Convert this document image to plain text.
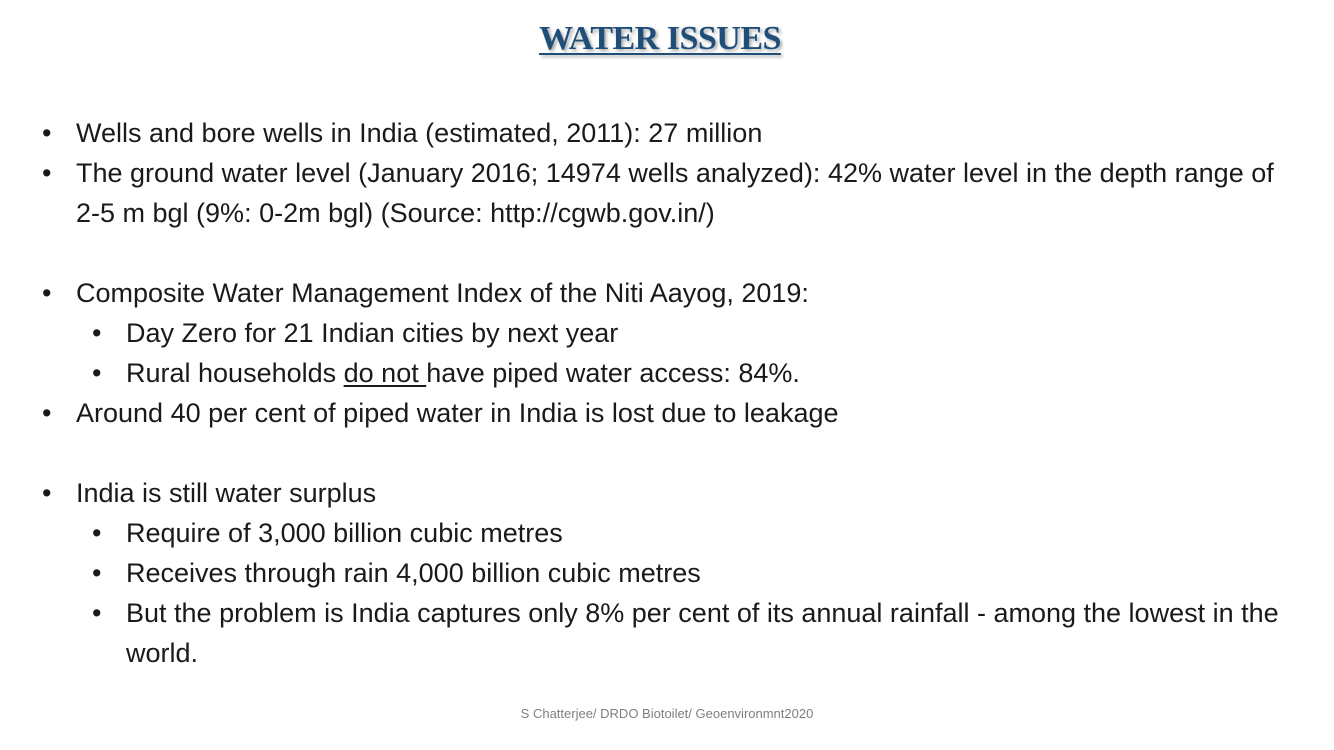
WATER ISSUES
• Wells and bore wells in India (estimated, 2011): 27 million
• The ground water level (January 2016; 14974 wells analyzed): 42% water level in the depth range of 2-5 m bgl (9%: 0-2m bgl) (Source: http://cgwb.gov.in/)
• Composite Water Management Index of the Niti Aayog, 2019:
• Day Zero for 21 Indian cities by next year
• Rural households do not have piped water access: 84%.
• Around 40 per cent of piped water in India is lost due to leakage
• India is still water surplus
• Require of 3,000 billion cubic metres
• Receives through rain 4,000 billion cubic metres
• But the problem is India captures only 8% per cent of its annual rainfall - among the lowest in the world.
S Chatterjee/ DRDO Biotoilet/ Geoenvironmnt2020
